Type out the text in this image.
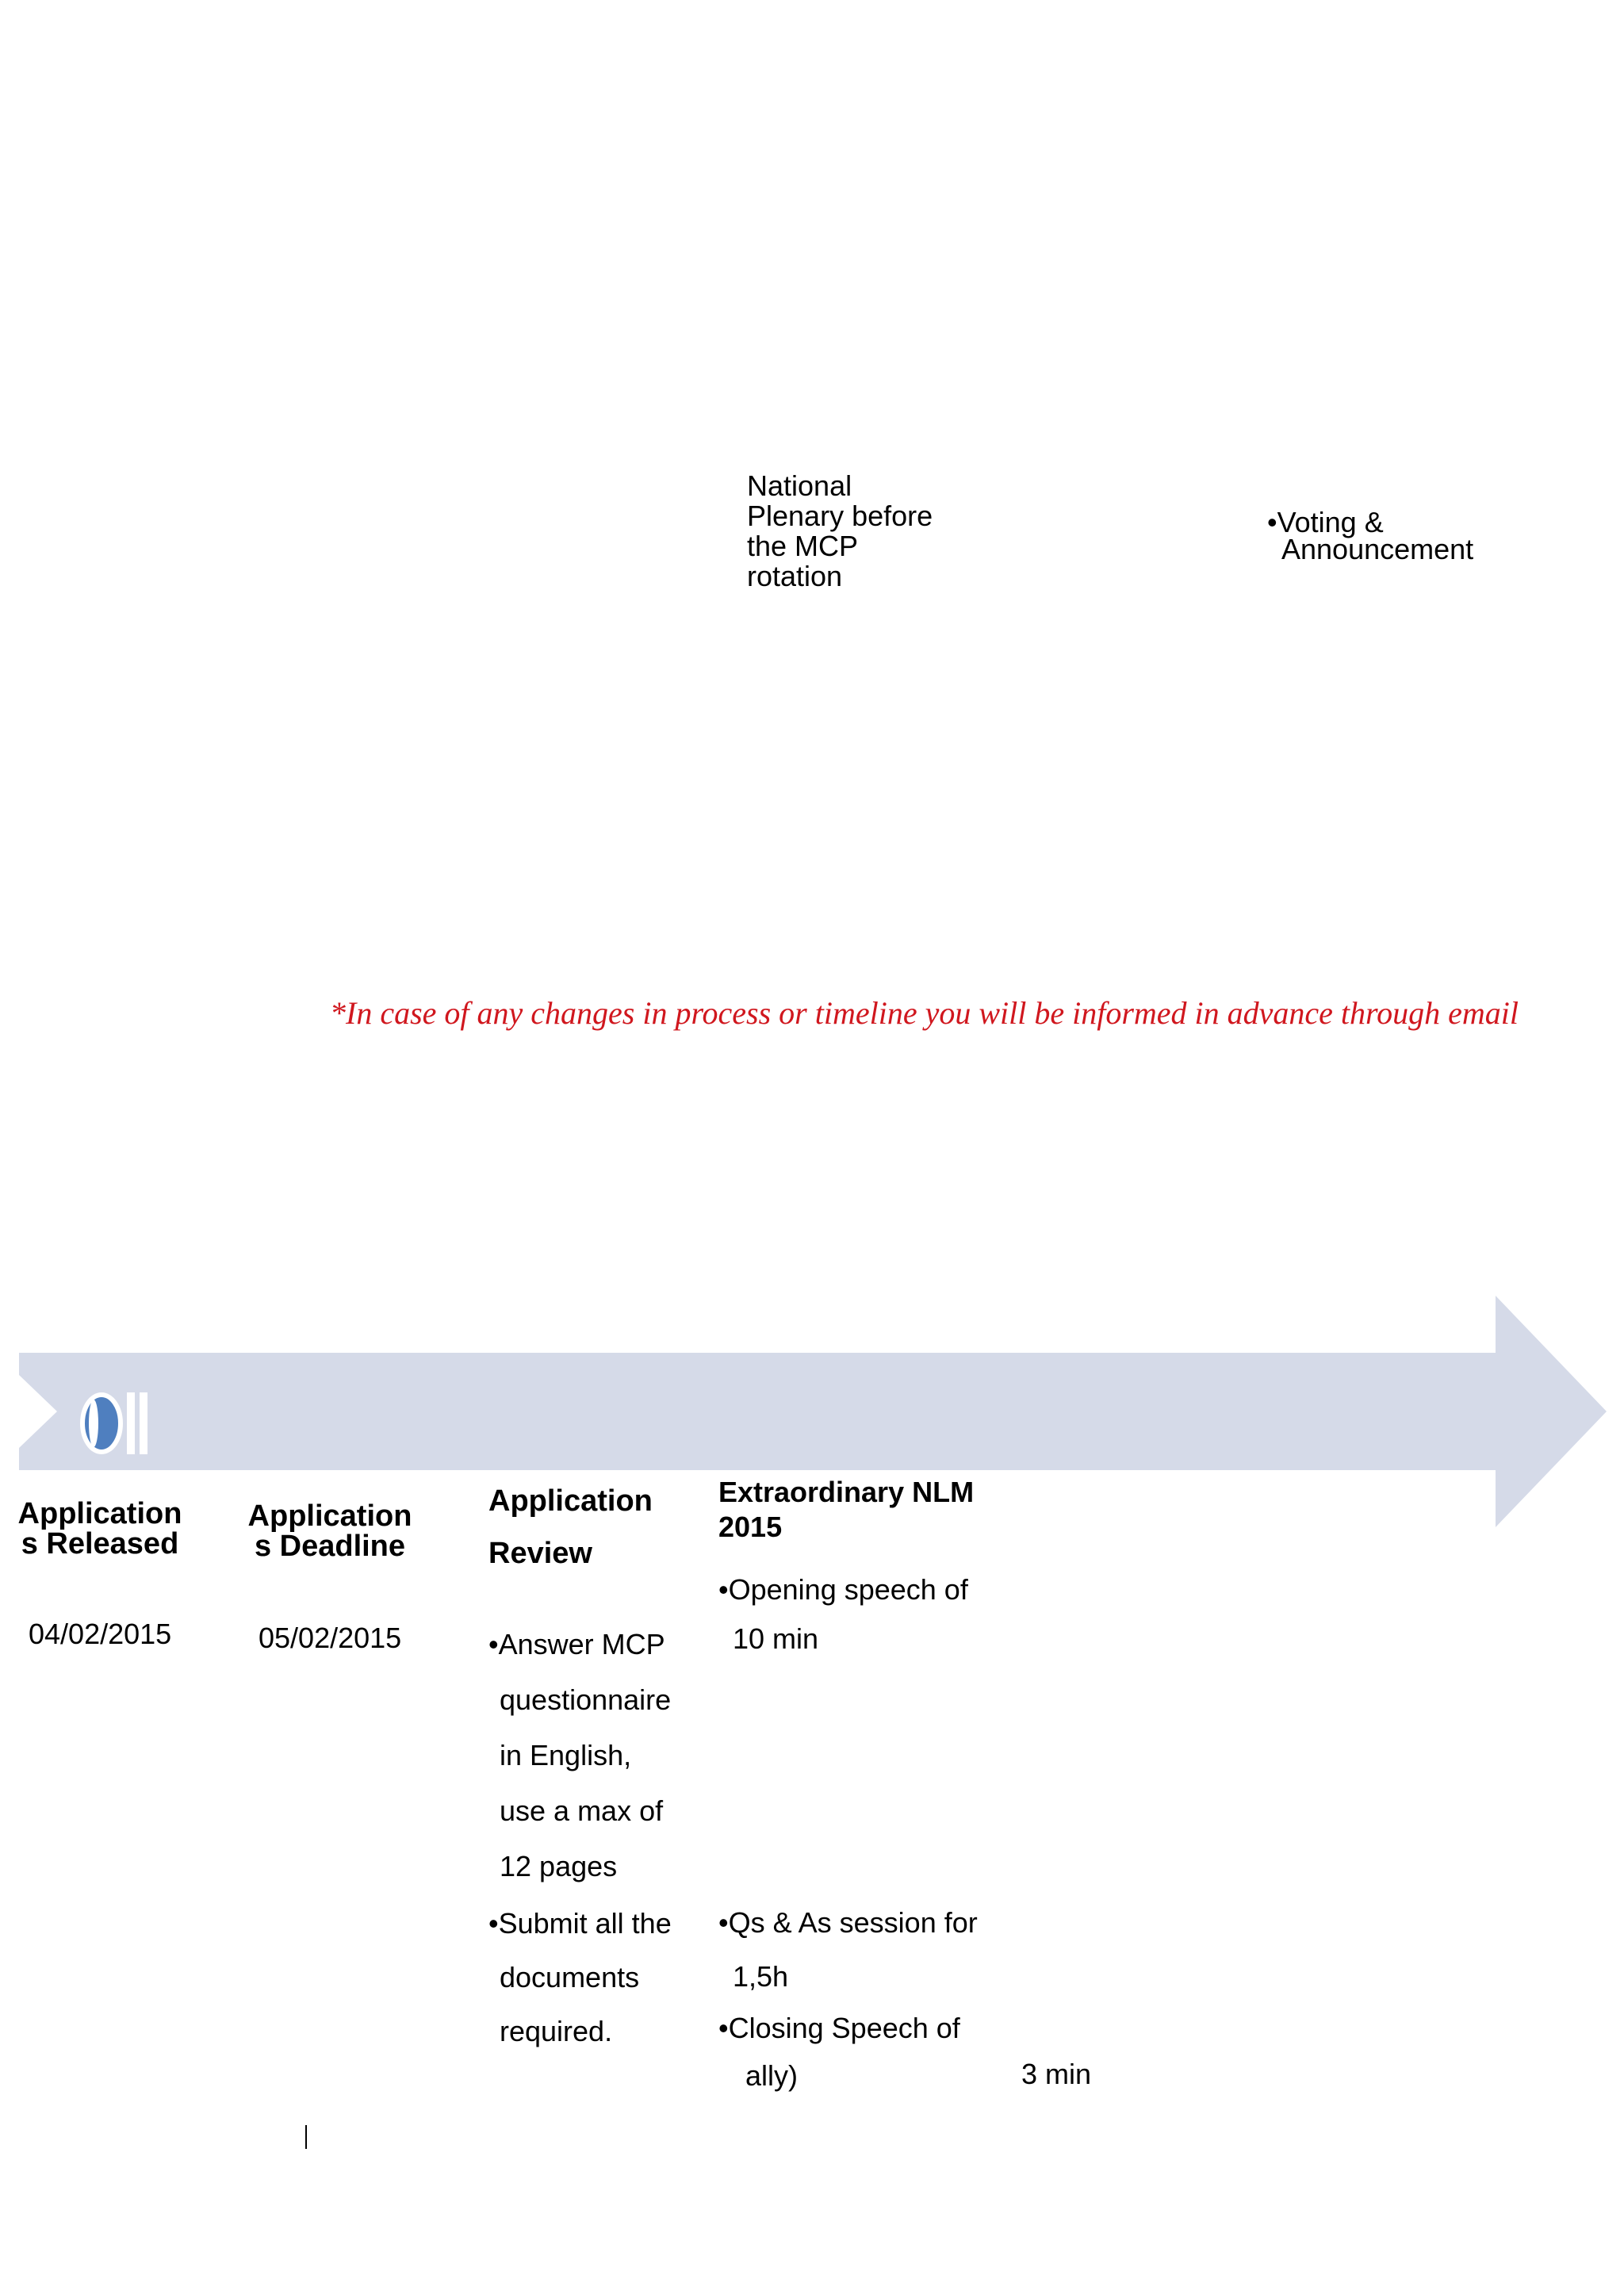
National
Plenary before
the MCP
rotation
•Voting &
Announcement
*In case of any changes in process or timeline you will be informed in advance through email
Application
s Released
04/02/2015
Application
s Deadline
05/02/2015
Application
Review
•Answer MCP
questionnaire
in English,
use a max of
12 pages
•Submit all the
documents
required.
Extraordinary NLM
2015
•Opening speech of
10 min
•Qs & As session for
1,5h
•Closing Speech of
ally)	3 min
